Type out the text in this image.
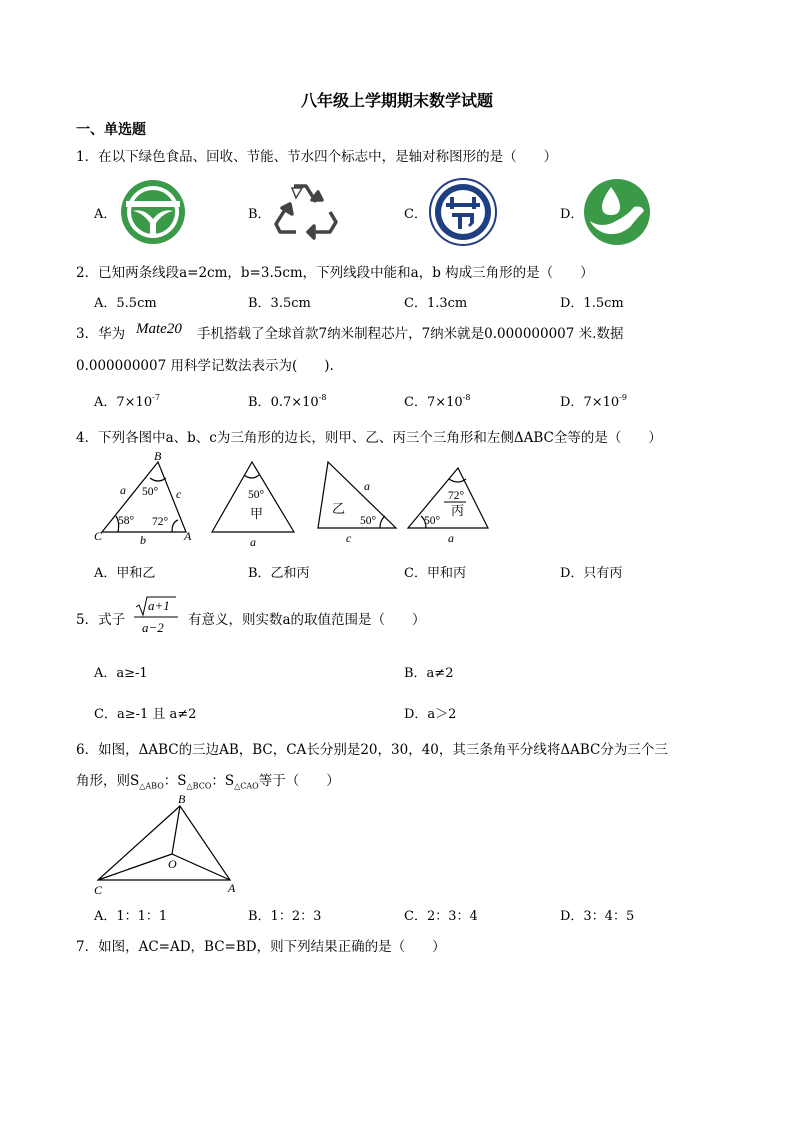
八年级上学期期末数学试题
一、单选题
1．在以下绿色食品、回收、节能、节水四个标志中，是轴对称图形的是（　　）
A．	B．	C．	D．
2．已知两条线段a=2cm，b=3.5cm，下列线段中能和a，b 构成三角形的是（　　）
A．5.5cm	B．3.5cm	C．1.3cm	D．1.5cm
3．华为 Mate20 手机搭载了全球首款7纳米制程芯片，7纳米就是0.000000007 米.数据
0.000000007 用科学记数法表示为(　　).
A．$7\times 10^{-7}$	B．$0.7\times 10^{-8}$	C．$7\times 10^{-8}$	D．$7\times 10^{-9}$
4．下列各图中a、b、c为三角形的边长，则甲、乙、丙三个三角形和左侧ΔABC全等的是（　　）
B
C	A
a	c
b	a
a
c	a
50°
58° 72°
50°
50°
72°
50°
甲	乙	丙
A．甲和乙	B．乙和丙	C．甲和丙	D．只有丙
5．式子
a+1
a−2 有意义，则实数a的取值范围是（　　）
A．a≥-1	B．a≠2
C．a≥-1 且 a≠2	D．a＞2
6．如图，ΔABC的三边AB，BC，CA长分别是20，30，40，其三条角平分线将ΔABC分为三个三
角形，则$S_{\triangle ABO}$：$S_{\triangle BCO}$：$S_{\triangle CAO}$等于（　　）
B
O
C	A
A．1：1：1	B．1：2：3	C．2：3：4	D．3：4：5
7．如图，AC=AD，BC=BD，则下列结果正确的是（　　）
